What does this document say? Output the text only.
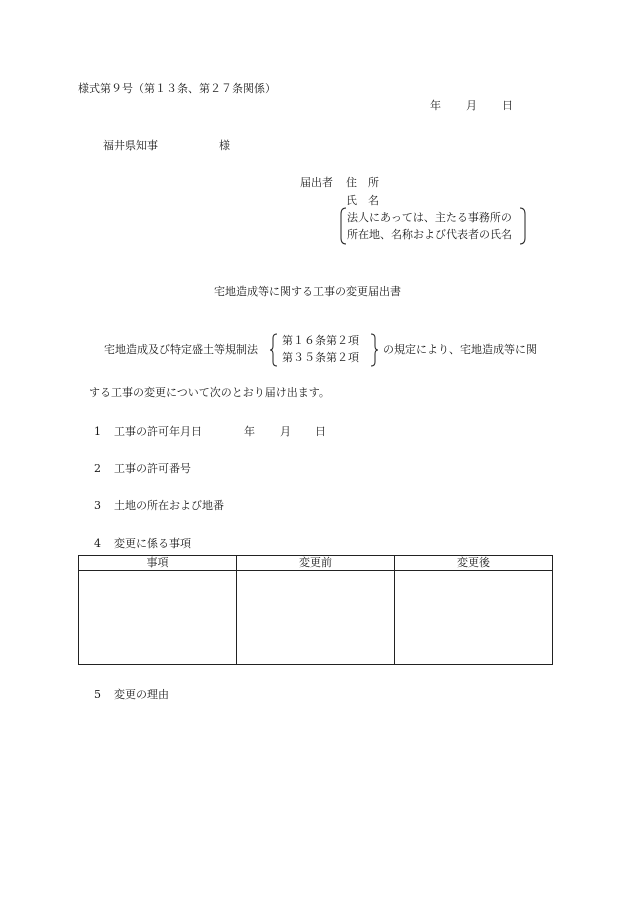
様式第９号（第１３条、第２７条関係）
年 月 日
福井県知事	様
届出者 住　所
氏　名
法人にあっては、主たる事務所の
所在地、名称および代表者の氏名
宅地造成等に関する工事の変更届出書
宅地造成及び特定盛土等規制法
第１６条第２項
第３５条第２項
の規定により、宅地造成等に関
する工事の変更について次のとおり届け出ます。
1 工事の許可年月日	年 月 日
2 工事の許可番号
3 土地の所在および地番
4 変更に係る事項
事項	変更前	変更後

5 変更の理由
